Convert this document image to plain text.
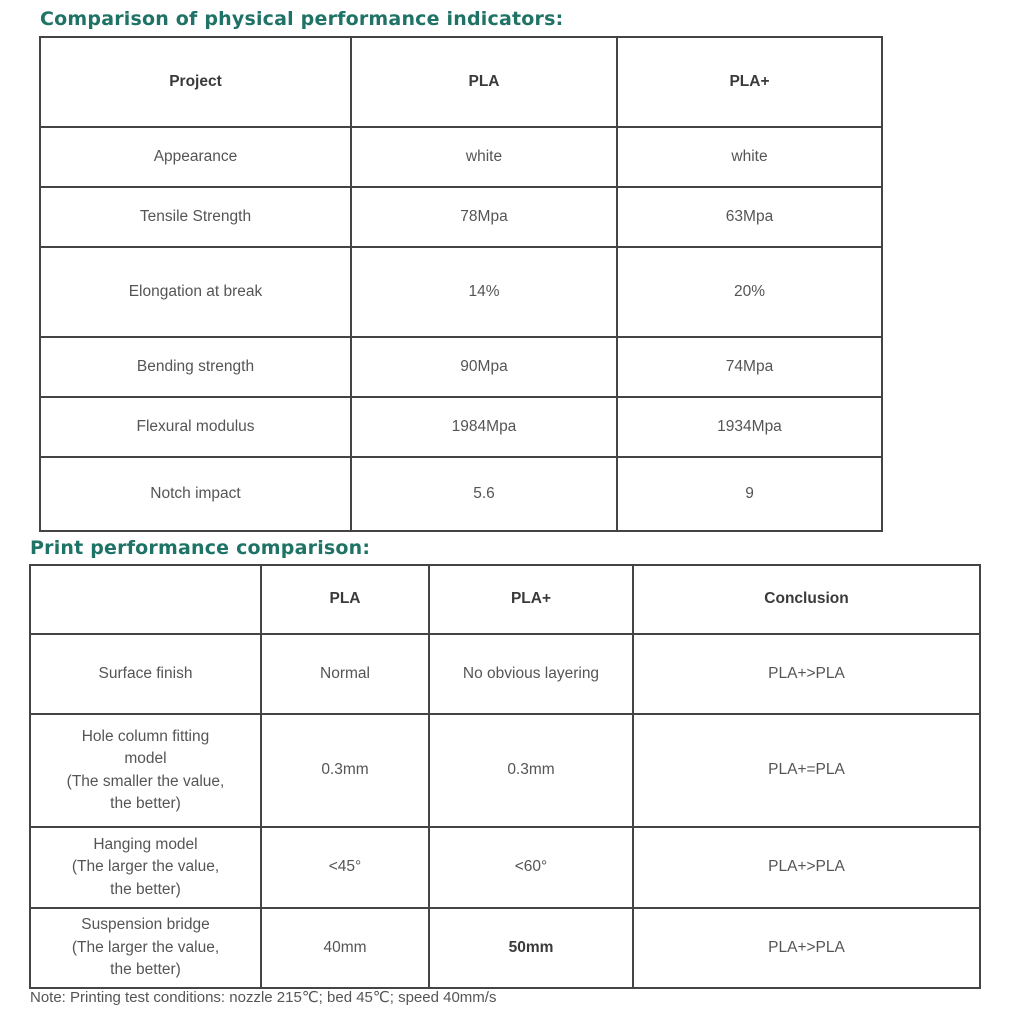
Comparison of physical performance indicators:
Project	PLA	PLA+
Appearance	white	white
Tensile Strength	78Mpa	63Mpa
Elongation at break	14%	20%
Bending strength	90Mpa	74Mpa
Flexural modulus	1984Mpa	1934Mpa
Notch impact	5.6	9
Print performance comparison:
	PLA	PLA+	Conclusion

Surface finish	Normal	No obvious layering	PLA+>PLA

Hole column fitting
model
(The smaller the value,
the better)	0.3mm	0.3mm	PLA+=PLA

Hanging model
(The larger the value,
the better)	<45°	<60°	PLA+>PLA

Suspension bridge
(The larger the value,
the better)	40mm	50mm	PLA+>PLA
Note: Printing test conditions: nozzle 215℃; bed 45℃; speed 40mm/s
